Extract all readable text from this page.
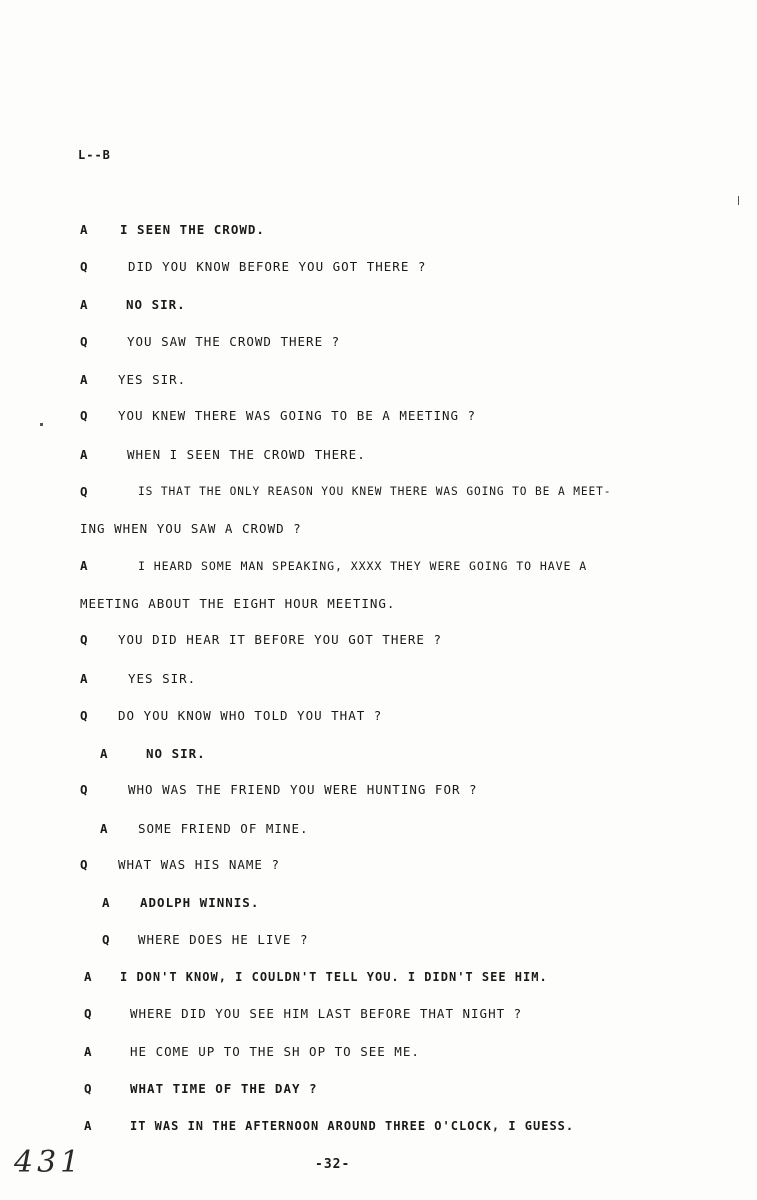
L--B
A	I SEEN THE CROWD.
Q	DID YOU KNOW BEFORE YOU GOT THERE ?
A	NO SIR.
Q	YOU SAW THE CROWD THERE ?
A YES SIR.
Q YOU KNEW THERE WAS GOING TO BE A MEETING ?
A	WHEN I SEEN THE CROWD THERE.
Q	IS THAT THE ONLY REASON YOU KNEW THERE WAS GOING TO BE A MEET-
ING WHEN YOU SAW A CROWD ?
A	I HEARD SOME MAN SPEAKING, XXXX THEY WERE GOING TO HAVE A
MEETING ABOUT THE EIGHT HOUR MEETING.
Q YOU DID HEAR IT BEFORE YOU GOT THERE ?
A	YES SIR.
Q DO YOU KNOW WHO TOLD YOU THAT ?
A	NO SIR.
Q	WHO WAS THE FRIEND YOU WERE HUNTING FOR ?
A SOME FRIEND OF MINE.
Q WHAT WAS HIS NAME ?
A ADOLPH WINNIS.
Q WHERE DOES HE LIVE ?
A I DON'T KNOW, I COULDN'T TELL YOU. I DIDN'T SEE HIM.
Q	WHERE DID YOU SEE HIM LAST BEFORE THAT NIGHT ?
A	HE COME UP TO THE SH OP TO SEE ME.
Q	WHAT TIME OF THE DAY ?
A	IT WAS IN THE AFTERNOON AROUND THREE O'CLOCK, I GUESS.
-32-
431
